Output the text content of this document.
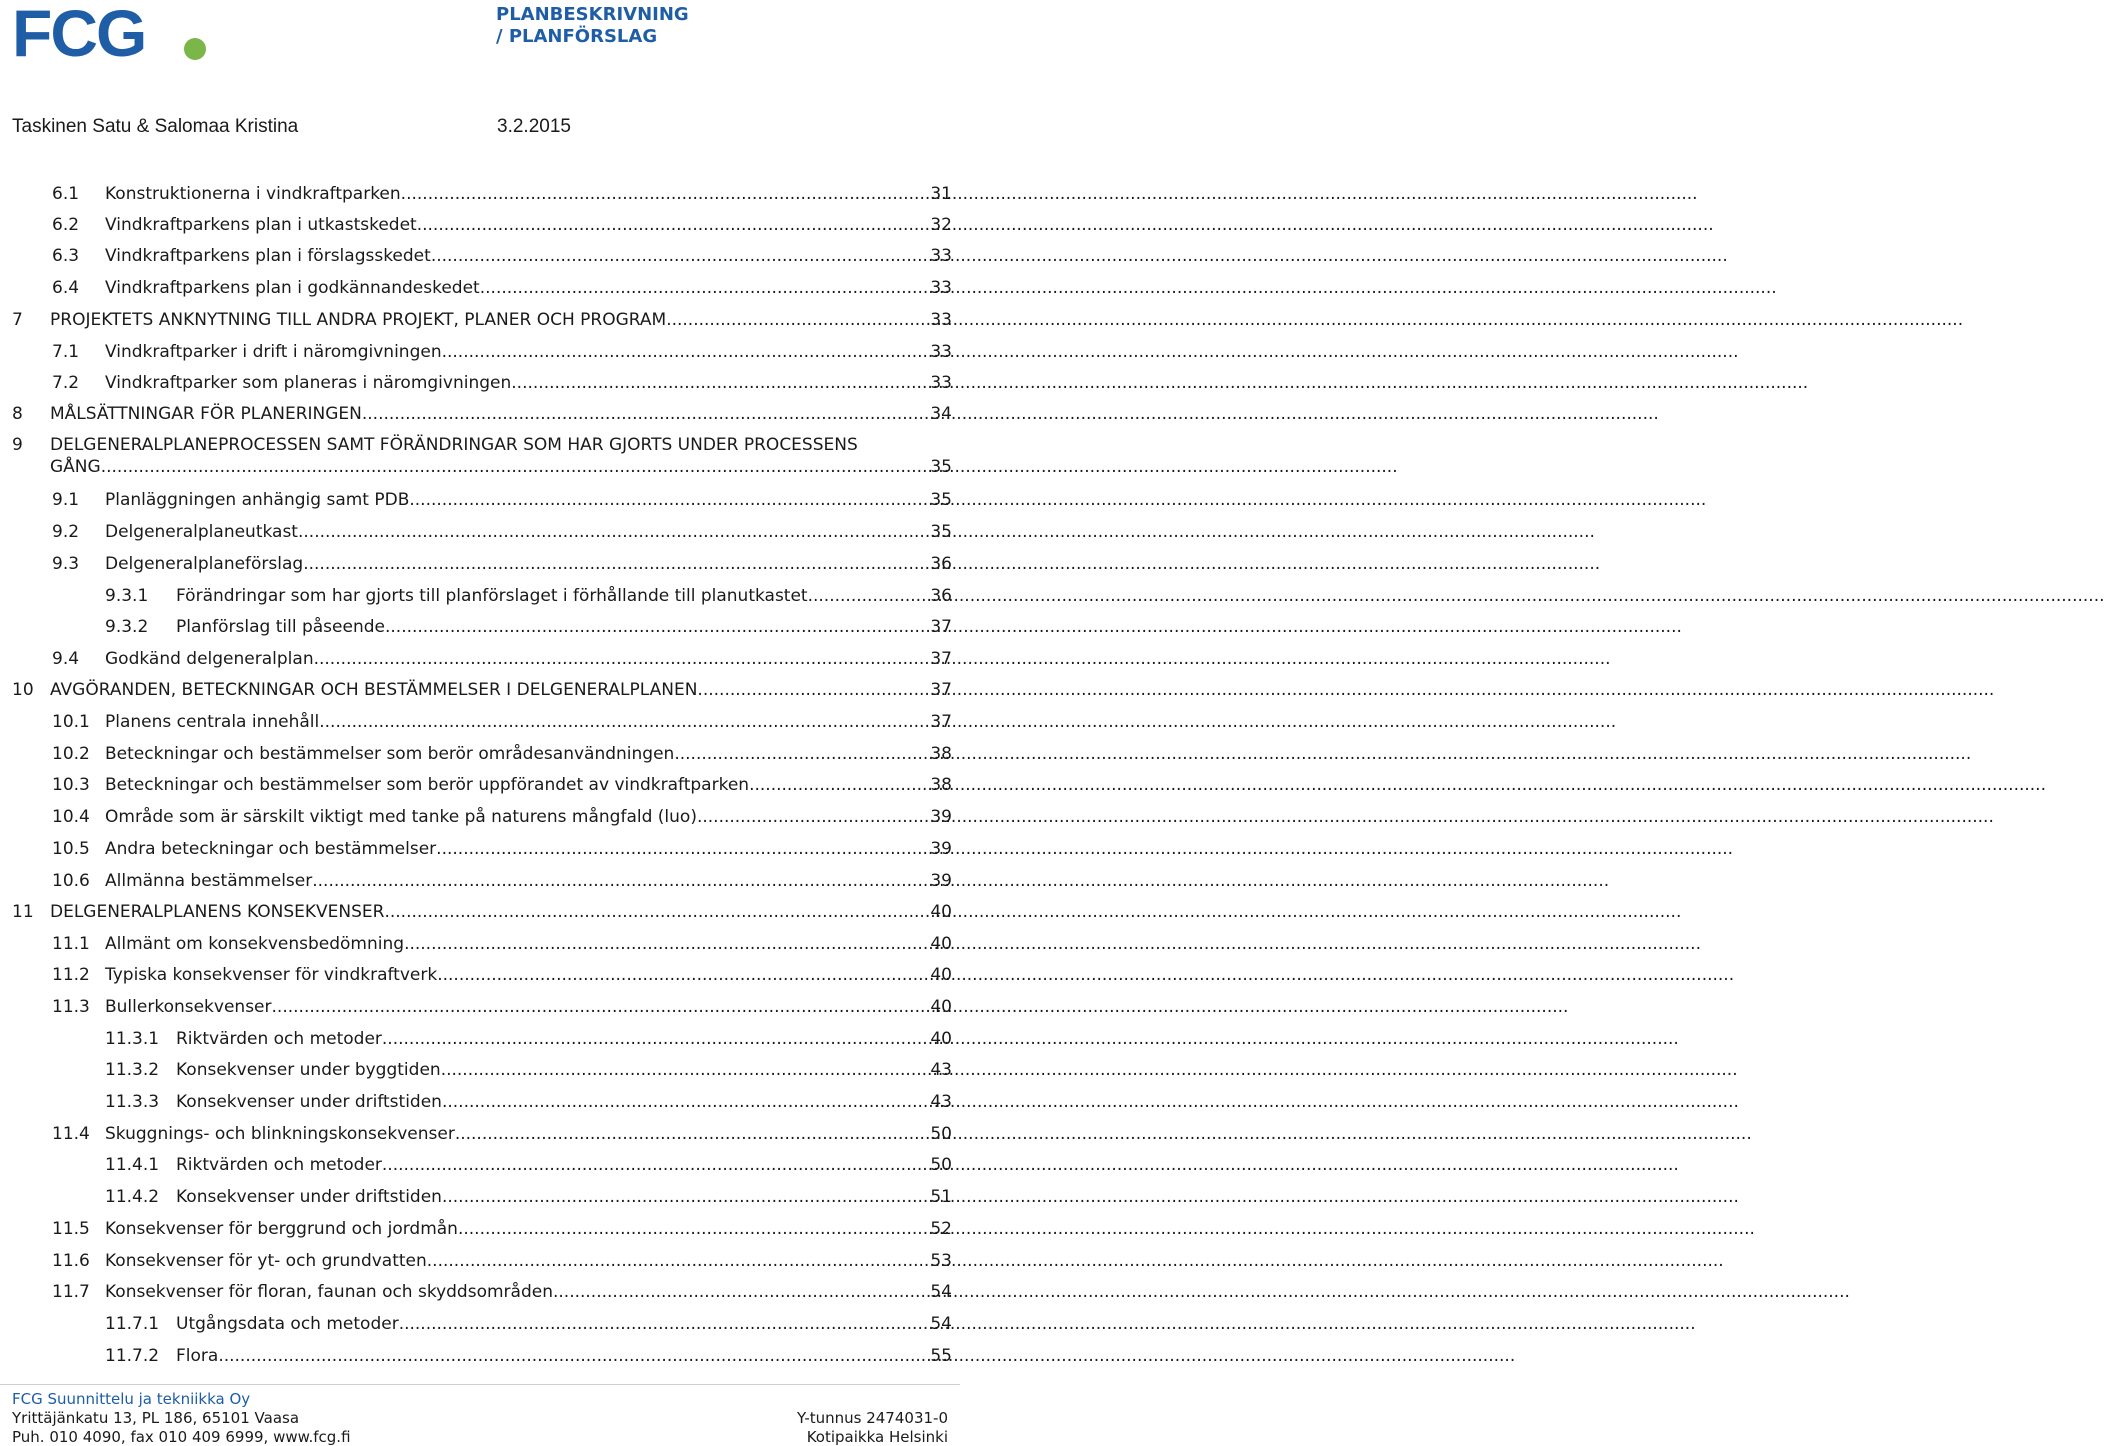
FCG	PLANBESKRIVNING
/ PLANFÖRSLAG
Taskinen Satu & Salomaa Kristina	3.2.2015
6.1	Konstruktionerna i vindkraftparken .....	31
6.2	Vindkraftparkens plan i utkastskedet .....	32
6.3	Vindkraftparkens plan i förslagsskedet .....	33
6.4	Vindkraftparkens plan i godkännandeskedet .....	33
7	PROJEKTETS ANKNYTNING TILL ANDRA PROJEKT, PLANER OCH PROGRAM .....	33
7.1	Vindkraftparker i drift i näromgivningen .....	33
7.2	Vindkraftparker som planeras i näromgivningen .....	33
8	MÅLSÄTTNINGAR FÖR PLANERINGEN .....	34
9	DELGENERALPLANEPROCESSEN SAMT FÖRÄNDRINGAR SOM HAR GJORTS UNDER PROCESSENS
GÅNG .....	35
9.1	Planläggningen anhängig samt PDB .....	35
9.2	Delgeneralplaneutkast .....	35
9.3	Delgeneralplaneförslag .....	36
9.3.1	Förändringar som har gjorts till planförslaget i förhållande till planutkastet .....	36
9.3.2	Planförslag till påseende .....	37
9.4	Godkänd delgeneralplan .....	37
10 AVGÖRANDEN, BETECKNINGAR OCH BESTÄMMELSER I DELGENERALPLANEN .....	37
10.1 Planens centrala innehåll .....	37
10.2 Beteckningar och bestämmelser som berör områdesanvändningen .....	38
10.3 Beteckningar och bestämmelser som berör uppförandet av vindkraftparken .....	38
10.4 Område som är särskilt viktigt med tanke på naturens mångfald (luo) .....	39
10.5 Andra beteckningar och bestämmelser .....	39
10.6 Allmänna bestämmelser .....	39
11 DELGENERALPLANENS KONSEKVENSER .....	40
11.1 Allmänt om konsekvensbedömning .....	40
11.2 Typiska konsekvenser för vindkraftverk .....	40
11.3 Bullerkonsekvenser .....	40
11.3.1 Riktvärden och metoder .....	40
11.3.2 Konsekvenser under byggtiden .....	43
11.3.3 Konsekvenser under driftstiden .....	43
11.4 Skuggnings- och blinkningskonsekvenser .....	50
11.4.1 Riktvärden och metoder .....	50
11.4.2 Konsekvenser under driftstiden .....	51
11.5 Konsekvenser för berggrund och jordmån .....	52
11.6 Konsekvenser för yt- och grundvatten .....	53
11.7 Konsekvenser för floran, faunan och skyddsområden .....	54
11.7.1 Utgångsdata och metoder .....	54
11.7.2 Flora .....	55
FCG Suunnittelu ja tekniikka Oy
Yrittäjänkatu 13, PL 186, 65101 Vaasa
Puh. 010 4090, fax 010 409 6999, www.fcg.fi
Y-tunnus 2474031-0
Kotipaikka Helsinki
